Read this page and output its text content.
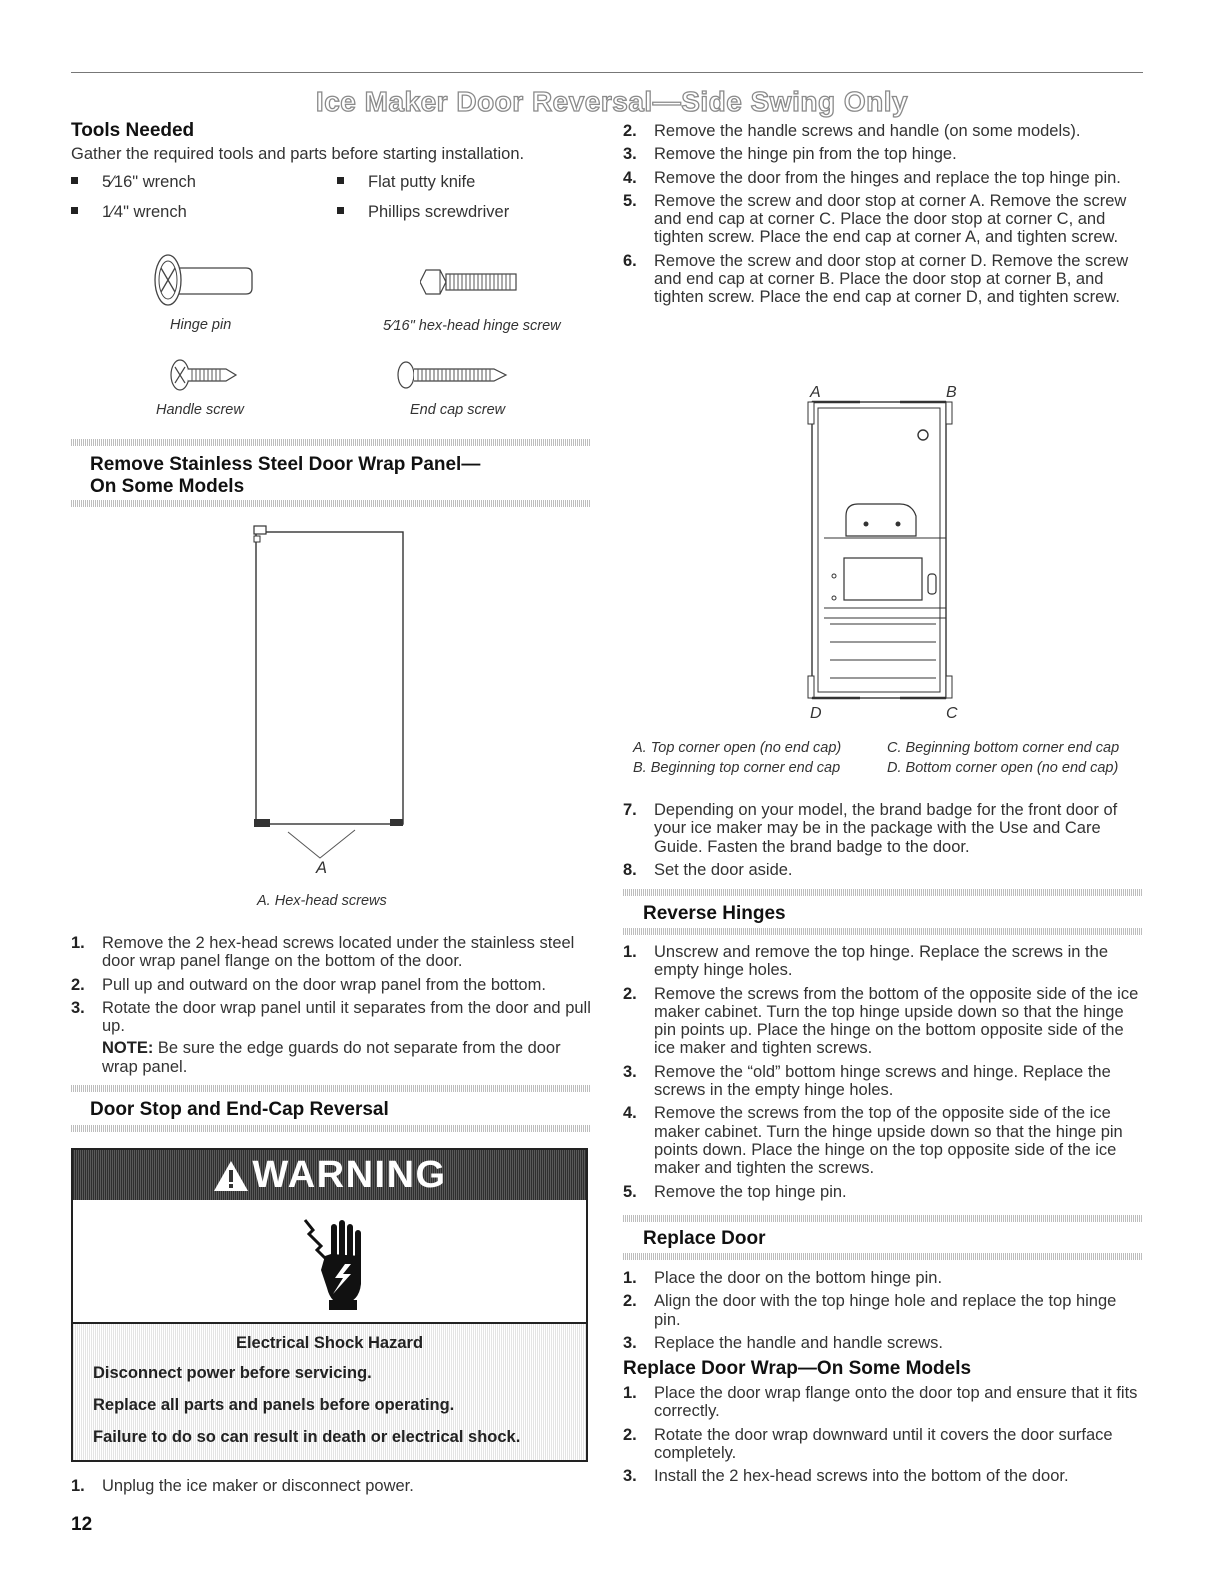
Ice Maker Door Reversal—Side Swing Only
Tools Needed
Gather the required tools and parts before starting installation.
5⁄16" wrench	Flat putty knife
1⁄4" wrench	Phillips screwdriver
Hinge pin	5⁄16" hex-head hinge screw
Handle screw	End cap screw
Remove Stainless Steel Door Wrap Panel—
On Some Models
A
A. Hex-head screws
1. Remove the 2 hex-head screws located under the stainless steel door wrap panel flange on the bottom of the door.
2. Pull up and outward on the door wrap panel from the bottom.
3. Rotate the door wrap panel until it separates from the door and pull up.
NOTE: Be sure the edge guards do not separate from the door wrap panel.
Door Stop and End-Cap Reversal
WARNING
Electrical Shock Hazard
Disconnect power before servicing.
Replace all parts and panels before operating.
Failure to do so can result in death or electrical shock.
1. Unplug the ice maker or disconnect power.
12
2. Remove the handle screws and handle (on some models).
3. Remove the hinge pin from the top hinge.
4. Remove the door from the hinges and replace the top hinge pin.
5. Remove the screw and door stop at corner A. Remove the screw and end cap at corner C. Place the door stop at corner C, and tighten screw. Place the end cap at corner A, and tighten screw.
6. Remove the screw and door stop at corner D. Remove the screw and end cap at corner B. Place the door stop at corner B, and tighten screw. Place the end cap at corner D, and tighten screw.
A	B
D	C
A. Top corner open (no end cap)	C. Beginning bottom corner end cap
B. Beginning top corner end cap	D. Bottom corner open (no end cap)
7. Depending on your model, the brand badge for the front door of your ice maker may be in the package with the Use and Care Guide. Fasten the brand badge to the door.
8. Set the door aside.
Reverse Hinges
1. Unscrew and remove the top hinge. Replace the screws in the empty hinge holes.
2. Remove the screws from the bottom of the opposite side of the ice maker cabinet. Turn the top hinge upside down so that the hinge pin points up. Place the hinge on the bottom opposite side of the ice maker and tighten screws.
3. Remove the “old” bottom hinge screws and hinge. Replace the screws in the empty hinge holes.
4. Remove the screws from the top of the opposite side of the ice maker cabinet. Turn the hinge upside down so that the hinge pin points down. Place the hinge on the top opposite side of the ice maker and tighten the screws.
5. Remove the top hinge pin.
Replace Door
1. Place the door on the bottom hinge pin.
2. Align the door with the top hinge hole and replace the top hinge pin.
3. Replace the handle and handle screws.
Replace Door Wrap—On Some Models
1. Place the door wrap flange onto the door top and ensure that it fits correctly.
2. Rotate the door wrap downward until it covers the door surface completely.
3. Install the 2 hex-head screws into the bottom of the door.
